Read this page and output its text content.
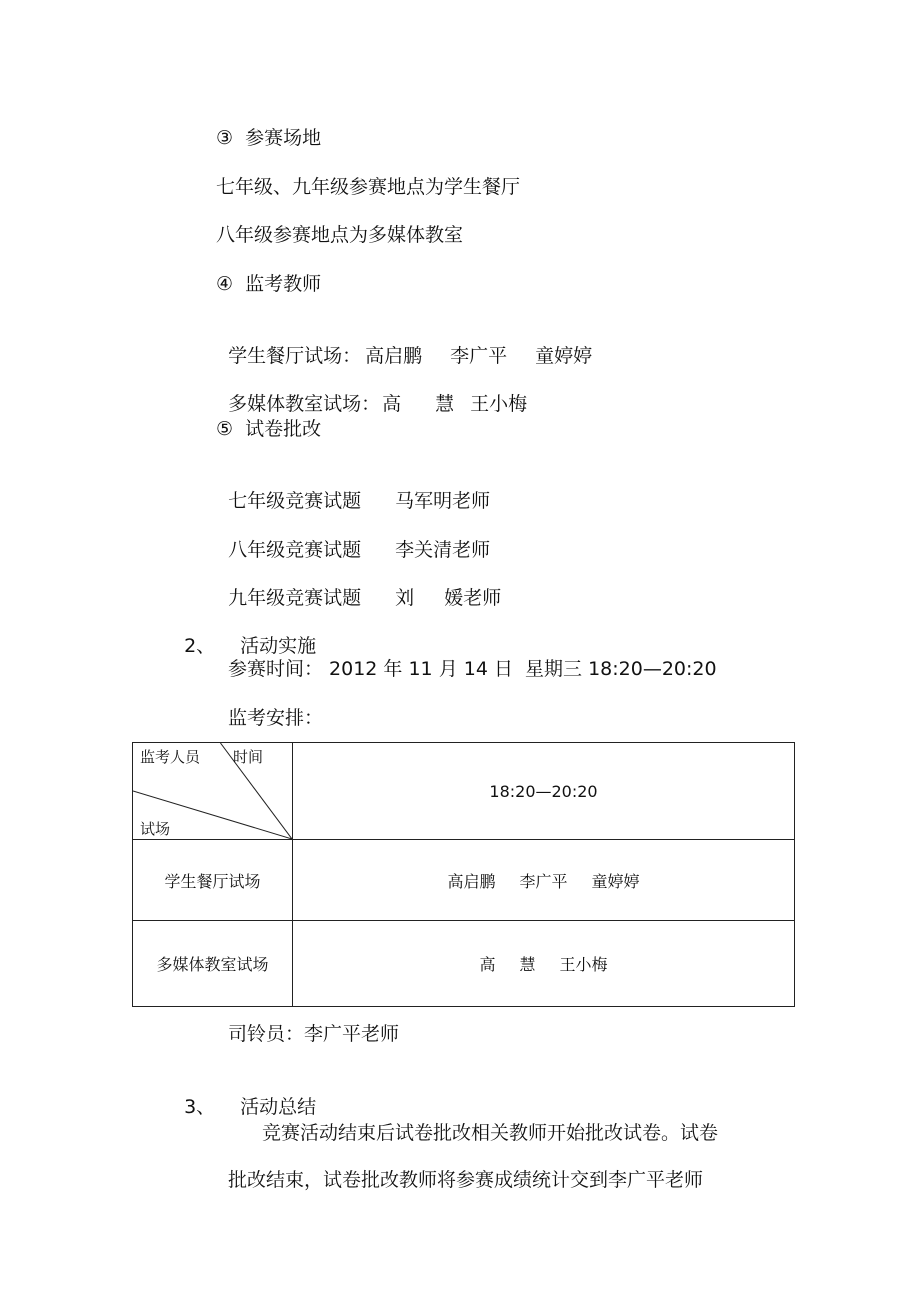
③  参赛场地
七年级、九年级参赛地点为学生餐厅
八年级参赛地点为多媒体教室
④  监考教师

学生餐厅试场： 高启鹏 李广平 童婷婷

多媒体教室试场： 高 慧 王小梅

⑤  试卷批改

七年级竞赛试题 马军明老师

八年级竞赛试题 李关清老师

九年级竞赛试题 刘     媛老师

2、 活动实施

参赛时间： 2012 年 11 月 14 日  星期三 18:20—20:20
监考安排：
监考人员 时间
试场	18:20—20:20
学生餐厅试场	高启鹏 李广平 童婷婷
多媒体教室试场	高 慧 王小梅
司铃员：李广平老师

3、 活动总结

竞赛活动结束后试卷批改相关教师开始批改试卷。试卷
批改结束，试卷批改教师将参赛成绩统计交到李广平老师
